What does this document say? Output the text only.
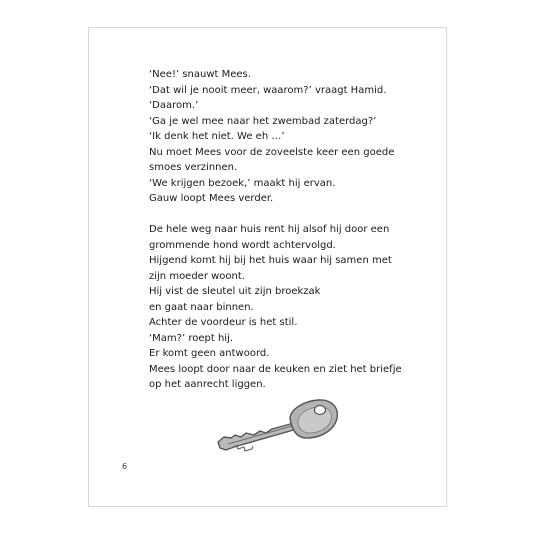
‘Nee!’ snauwt Mees.
‘Dat wil je nooit meer, waarom?’ vraagt Hamid.
‘Daarom.’
‘Ga je wel mee naar het zwembad zaterdag?’
‘Ik denk het niet. We eh …’
Nu moet Mees voor de zoveelste keer een goede
smoes verzinnen.
‘We krijgen bezoek,’ maakt hij ervan.
Gauw loopt Mees verder.
De hele weg naar huis rent hij alsof hij door een
grommende hond wordt achtervolgd.
Hijgend komt hij bij het huis waar hij samen met
zijn moeder woont.
Hij vist de sleutel uit zijn broekzak
en gaat naar binnen.
Achter de voordeur is het stil.
‘Mam?’ roept hij.
Er komt geen antwoord.
Mees loopt door naar de keuken en ziet het briefje
op het aanrecht liggen.
6
